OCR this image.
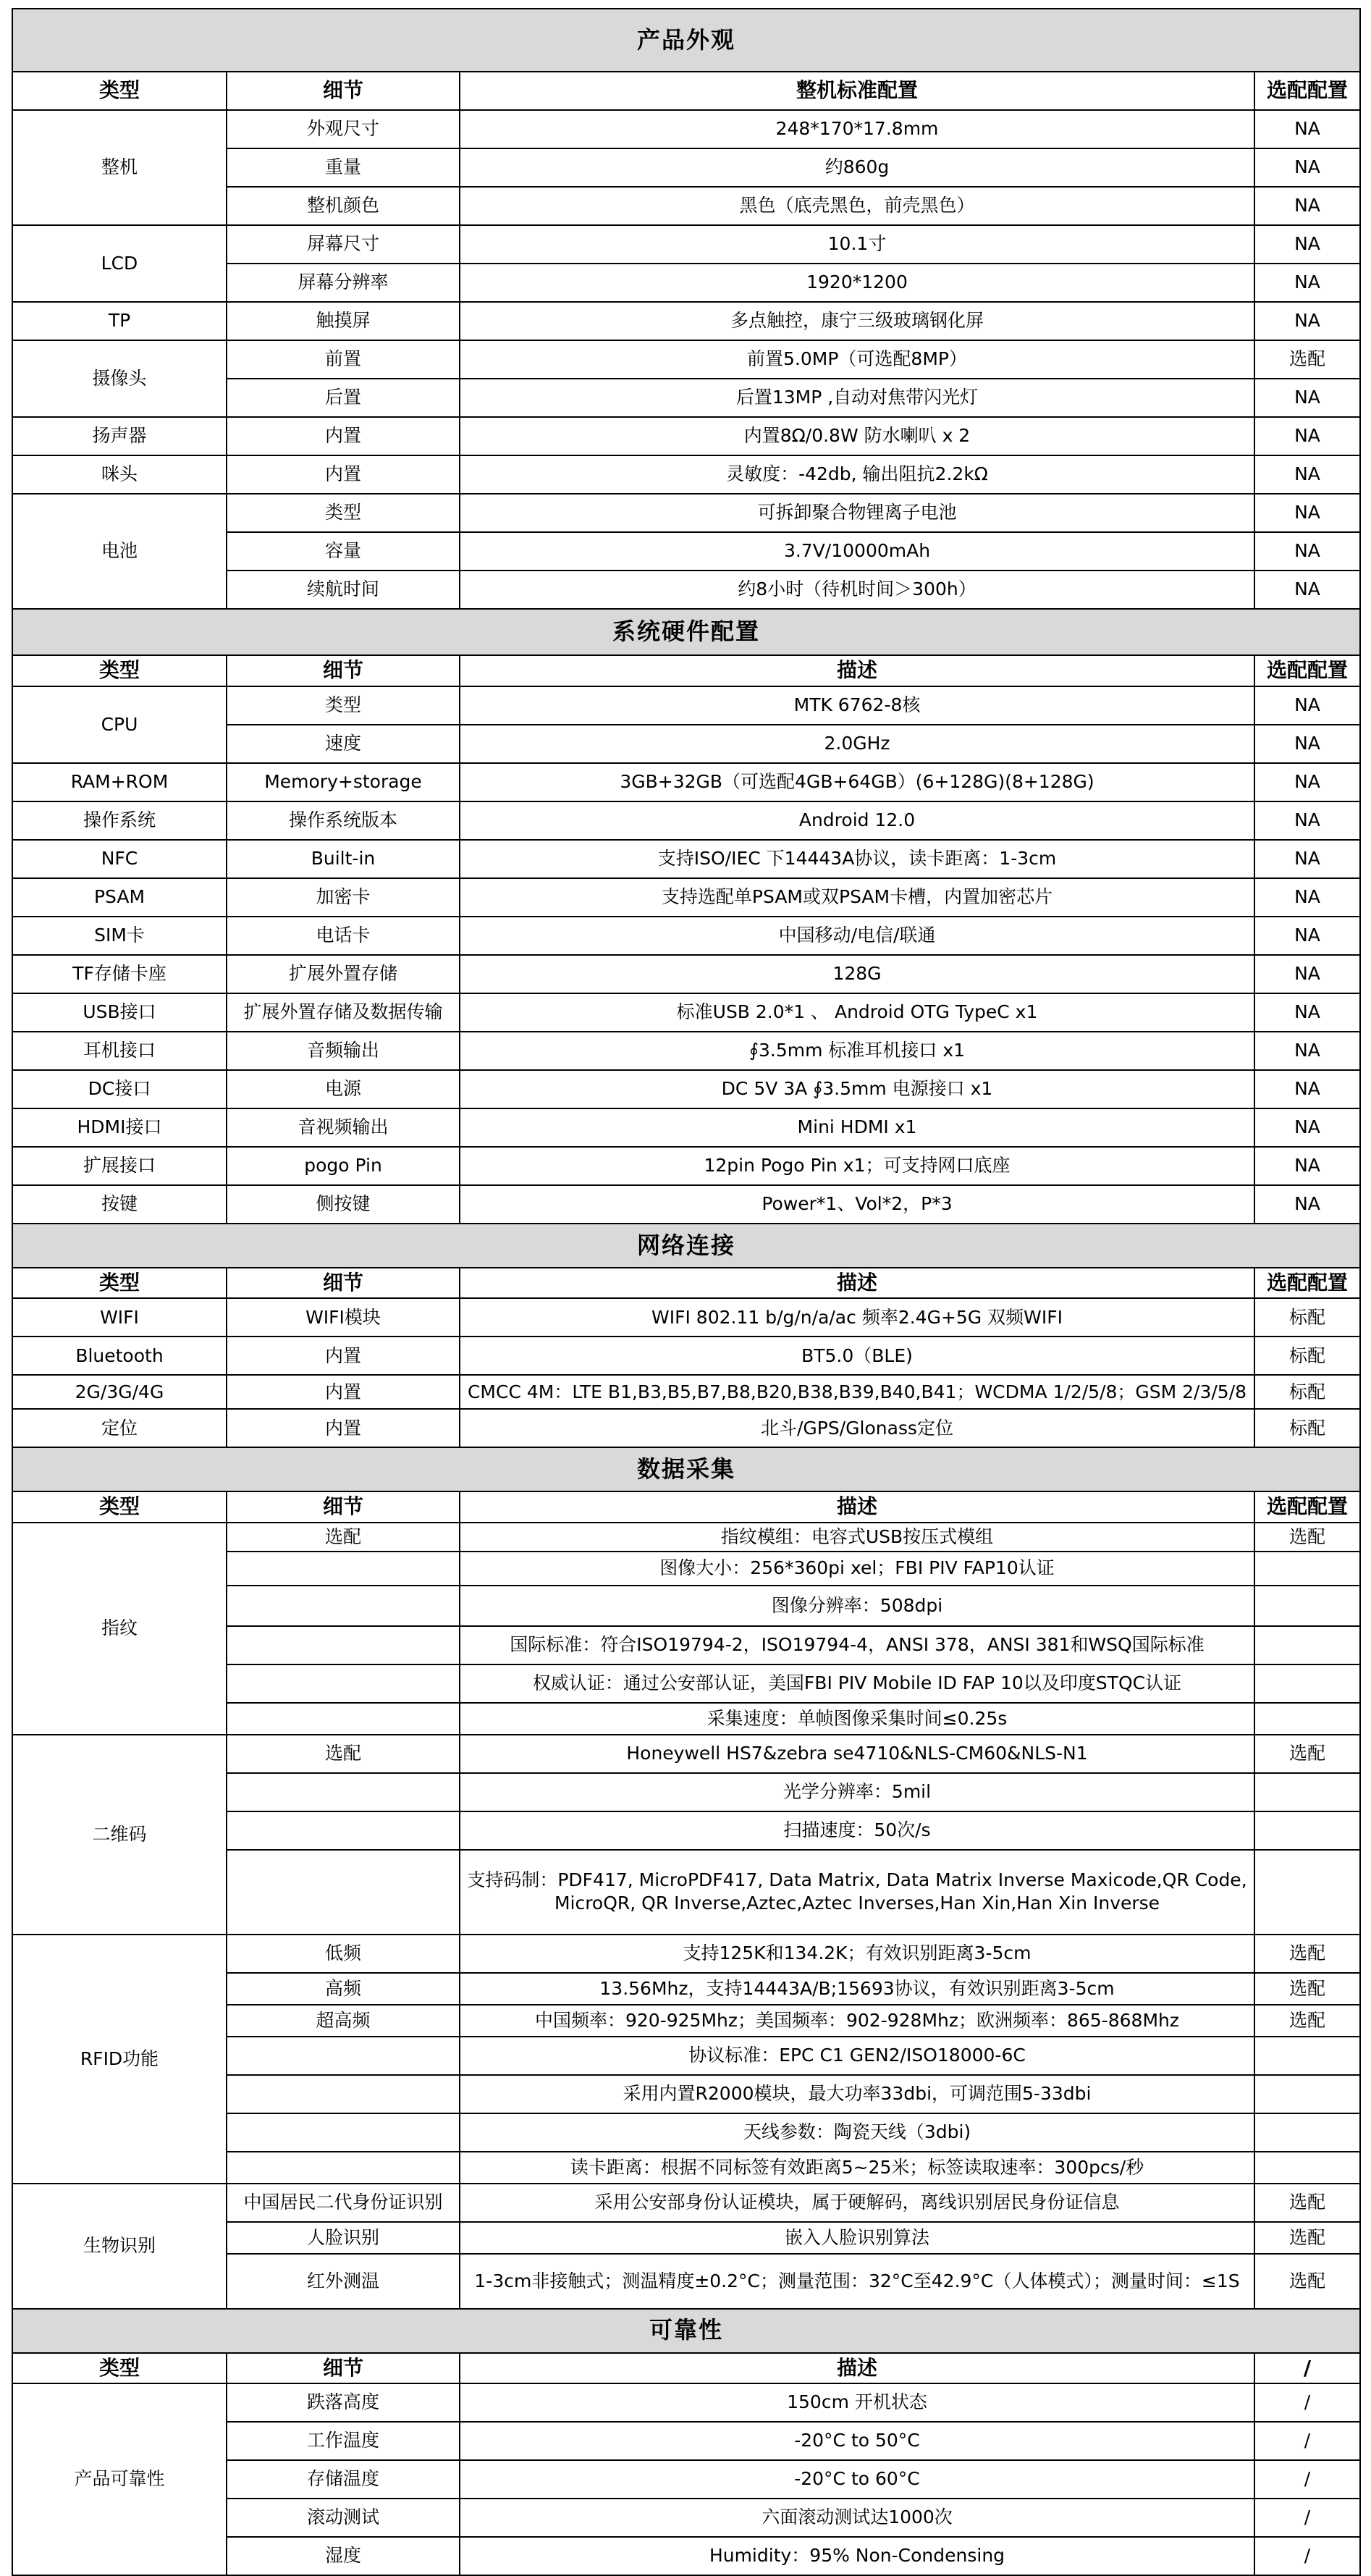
产品外观			
类型	细节	整机标准配置	选配配置
整机	外观尺寸	248*170*17.8mm	NA
	重量	约860g	NA
	整机颜色	黑色（底壳黑色，前壳黑色）	NA
LCD	屏幕尺寸	10.1寸	NA
	屏幕分辨率	1920*1200	NA
TP	触摸屏	多点触控，康宁三级玻璃钢化屏	NA
摄像头	前置	前置5.0MP（可选配8MP）	选配
	后置	后置13MP ,自动对焦带闪光灯	NA
扬声器	内置	内置8Ω/0.8W 防水喇叭 x 2	NA
咪头	内置	灵敏度：-42db, 输出阻抗2.2kΩ	NA
电池	类型	可拆卸聚合物锂离子电池	NA
	容量	3.7V/10000mAh	NA
	续航时间	约8小时（待机时间＞300h）	NA
系统硬件配置			
类型	细节	描述	选配配置
CPU	类型	MTK 6762-8核	NA
	速度	2.0GHz	NA
RAM+ROM	Memory+storage	3GB+32GB（可选配4GB+64GB）(6+128G)(8+128G)	NA
操作系统	操作系统版本	Android 12.0	NA
NFC	Built-in	支持ISO/IEC 下14443A协议，读卡距离：1-3cm	NA
PSAM	加密卡	支持选配单PSAM或双PSAM卡槽，内置加密芯片	NA
SIM卡	电话卡	中国移动/电信/联通	NA
TF存储卡座	扩展外置存储	128G	NA
USB接口	扩展外置存储及数据传输	标准USB 2.0*1 、 Android OTG TypeC x1	NA
耳机接口	音频输出	∮3.5mm 标准耳机接口 x1	NA
DC接口	电源	DC 5V 3A ∮3.5mm 电源接口 x1	NA
HDMI接口	音视频输出	Mini HDMI x1	NA
扩展接口	pogo Pin	12pin Pogo Pin x1；可支持网口底座	NA
按键	侧按键	Power*1、Vol*2，P*3	NA
网络连接			
类型	细节	描述	选配配置
WIFI	WIFI模块	WIFI 802.11 b/g/n/a/ac 频率2.4G+5G 双频WIFI	标配
Bluetooth	内置	BT5.0（BLE)	标配
2G/3G/4G	内置	CMCC 4M：LTE B1,B3,B5,B7,B8,B20,B38,B39,B40,B41；WCDMA 1/2/5/8；GSM 2/3/5/8	标配
定位	内置	北斗/GPS/Glonass定位	标配
数据采集			
类型	细节	描述	选配配置
指纹	选配	指纹模组：电容式USB按压式模组	选配
		图像大小：256*360pi xel；FBI PIV FAP10认证	
		图像分辨率：508dpi	
		国际标准：符合ISO19794-2，ISO19794-4，ANSI 378，ANSI 381和WSQ国际标准	
		权威认证：通过公安部认证，美国FBI PIV Mobile ID FAP 10以及印度STQC认证	
		采集速度：单帧图像采集时间≤0.25s	
二维码	选配	Honeywell HS7&zebra se4710&NLS-CM60&NLS-N1	选配
		光学分辨率：5mil	
		扫描速度：50次/s	
		支持码制：PDF417, MicroPDF417, Data Matrix, Data Matrix Inverse Maxicode,QR Code, MicroQR, QR Inverse,Aztec,Aztec Inverses,Han Xin,Han Xin Inverse	
RFID功能	低频	支持125K和134.2K；有效识别距离3-5cm	选配
	高频	13.56Mhz，支持14443A/B;15693协议，有效识别距离3-5cm	选配
	超高频	中国频率：920-925Mhz；美国频率：902-928Mhz；欧洲频率：865-868Mhz	选配
		协议标准：EPC C1 GEN2/ISO18000-6C	
		采用内置R2000模块，最大功率33dbi，可调范围5-33dbi	
		天线参数：陶瓷天线（3dbi)	
		读卡距离：根据不同标签有效距离5~25米；标签读取速率：300pcs/秒	
生物识别	中国居民二代身份证识别	采用公安部身份认证模块，属于硬解码，离线识别居民身份证信息	选配
	人脸识别	嵌入人脸识别算法	选配
	红外测温	1-3cm非接触式；测温精度±0.2°C；测量范围：32°C至42.9°C（人体模式）；测量时间：≤1S	选配
可靠性			
类型	细节	描述	/
产品可靠性	跌落高度	150cm 开机状态	/
	工作温度	-20°C to 50°C	/
	存储温度	-20°C to 60°C	/
	滚动测试	六面滚动测试达1000次	/
	湿度	Humidity：95% Non-Condensing	/
